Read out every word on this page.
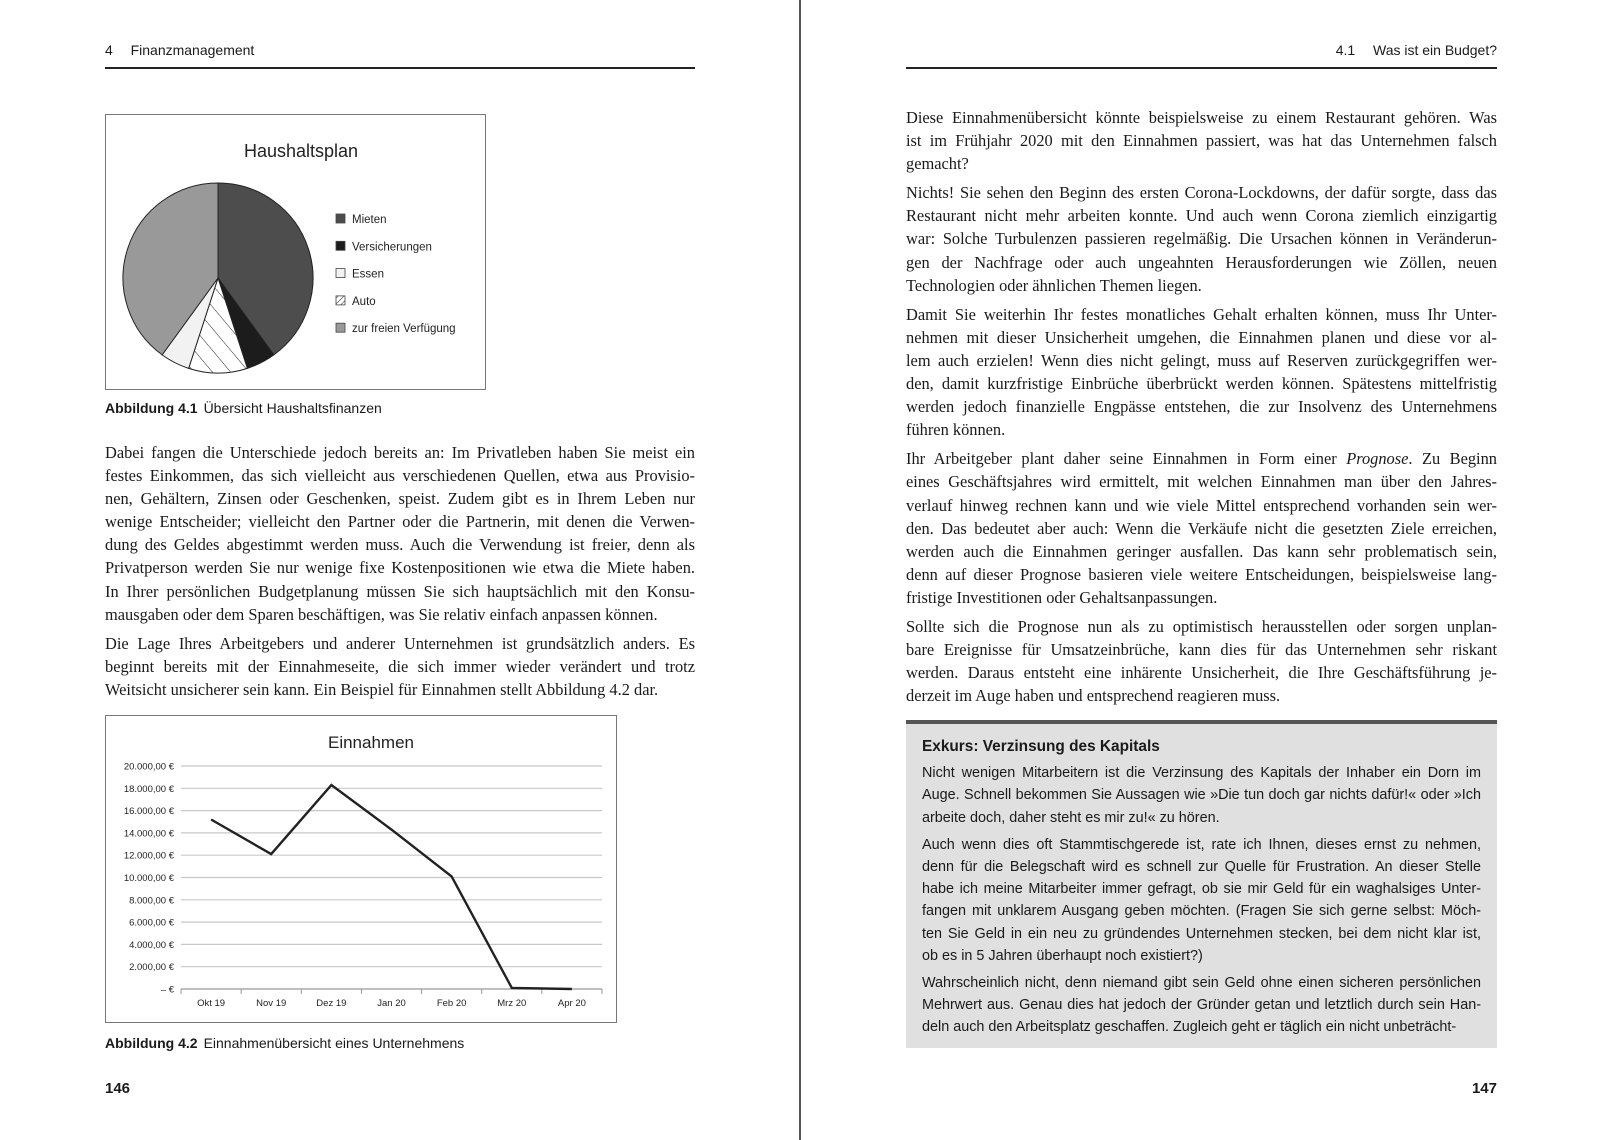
4 Finanzmanagement
Haushaltsplan
Mieten
Versicherungen
Essen
Auto
zur freien Verfügung
Abbildung 4.1 Übersicht Haushaltsfinanzen

Dabei fangen die Unterschiede jedoch bereits an: Im Privatleben haben Sie meist ein
festes Einkommen, das sich vielleicht aus verschiedenen Quellen, etwa aus Provisio-
nen, Gehältern, Zinsen oder Geschenken, speist. Zudem gibt es in Ihrem Leben nur
wenige Entscheider; vielleicht den Partner oder die Partnerin, mit denen die Verwen-
dung des Geldes abgestimmt werden muss. Auch die Verwendung ist freier, denn als
Privatperson werden Sie nur wenige fixe Kostenpositionen wie etwa die Miete haben.
In Ihrer persönlichen Budgetplanung müssen Sie sich hauptsächlich mit den Konsu-
mausgaben oder dem Sparen beschäftigen, was Sie relativ einfach anpassen können.

Die Lage Ihres Arbeitgebers und anderer Unternehmen ist grundsätzlich anders. Es
beginnt bereits mit der Einnahmeseite, die sich immer wieder verändert und trotz
Weitsicht unsicherer sein kann. Ein Beispiel für Einnahmen stellt Abbildung 4.2 dar.

Einnahmen
– €
2.000,00 €
4.000,00 €
6.000,00 €
8.000,00 €
10.000,00 €
12.000,00 €
14.000,00 €
16.000,00 €
18.000,00 €
20.000,00 €
Okt 19	Nov 19	Dez 19	Jan 20	Feb 20	Mrz 20	Apr 20
Abbildung 4.2 Einnahmenübersicht eines Unternehmens
146
4.1 Was ist ein Budget?

Diese Einnahmenübersicht könnte beispielsweise zu einem Restaurant gehören. Was
ist im Frühjahr 2020 mit den Einnahmen passiert, was hat das Unternehmen falsch
gemacht?

Nichts! Sie sehen den Beginn des ersten Corona-Lockdowns, der dafür sorgte, dass das
Restaurant nicht mehr arbeiten konnte. Und auch wenn Corona ziemlich einzigartig
war: Solche Turbulenzen passieren regelmäßig. Die Ursachen können in Veränderun-
gen der Nachfrage oder auch ungeahnten Herausforderungen wie Zöllen, neuen
Technologien oder ähnlichen Themen liegen.

Damit Sie weiterhin Ihr festes monatliches Gehalt erhalten können, muss Ihr Unter-
nehmen mit dieser Unsicherheit umgehen, die Einnahmen planen und diese vor al-
lem auch erzielen! Wenn dies nicht gelingt, muss auf Reserven zurückgegriffen wer-
den, damit kurzfristige Einbrüche überbrückt werden können. Spätestens mittelfristig
werden jedoch finanzielle Engpässe entstehen, die zur Insolvenz des Unternehmens
führen können.

Ihr Arbeitgeber plant daher seine Einnahmen in Form einer Prognose. Zu Beginn
eines Geschäftsjahres wird ermittelt, mit welchen Einnahmen man über den Jahres-
verlauf hinweg rechnen kann und wie viele Mittel entsprechend vorhanden sein wer-
den. Das bedeutet aber auch: Wenn die Verkäufe nicht die gesetzten Ziele erreichen,
werden auch die Einnahmen geringer ausfallen. Das kann sehr problematisch sein,
denn auf dieser Prognose basieren viele weitere Entscheidungen, beispielsweise lang-
fristige Investitionen oder Gehaltsanpassungen.

Sollte sich die Prognose nun als zu optimistisch herausstellen oder sorgen unplan-
bare Ereignisse für Umsatzeinbrüche, kann dies für das Unternehmen sehr riskant
werden. Daraus entsteht eine inhärente Unsicherheit, die Ihre Geschäftsführung je-
derzeit im Auge haben und entsprechend reagieren muss.

Exkurs: Verzinsung des Kapitals

Nicht wenigen Mitarbeitern ist die Verzinsung des Kapitals der Inhaber ein Dorn im
Auge. Schnell bekommen Sie Aussagen wie »Die tun doch gar nichts dafür!« oder »Ich
arbeite doch, daher steht es mir zu!« zu hören.

Auch wenn dies oft Stammtischgerede ist, rate ich Ihnen, dieses ernst zu nehmen,
denn für die Belegschaft wird es schnell zur Quelle für Frustration. An dieser Stelle
habe ich meine Mitarbeiter immer gefragt, ob sie mir Geld für ein waghalsiges Unter-
fangen mit unklarem Ausgang geben möchten. (Fragen Sie sich gerne selbst: Möch-
ten Sie Geld in ein neu zu gründendes Unternehmen stecken, bei dem nicht klar ist,
ob es in 5 Jahren überhaupt noch existiert?)

Wahrscheinlich nicht, denn niemand gibt sein Geld ohne einen sicheren persönlichen
Mehrwert aus. Genau dies hat jedoch der Gründer getan und letztlich durch sein Han-
deln auch den Arbeitsplatz geschaffen. Zugleich geht er täglich ein nicht unbeträcht-

147
